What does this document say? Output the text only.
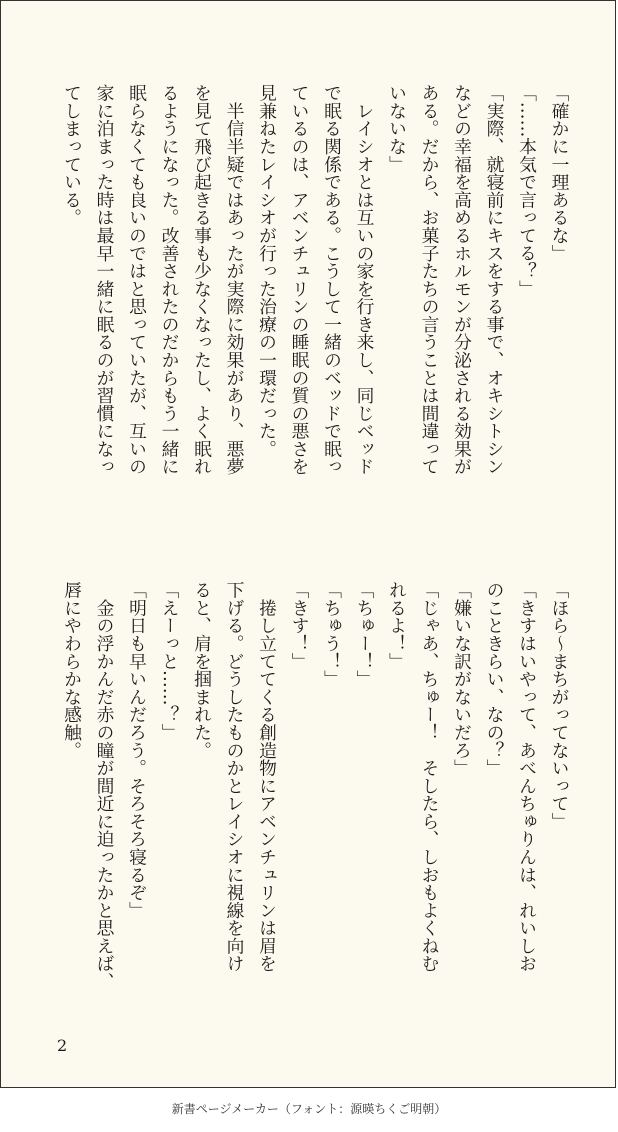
「確かに一理あるな」
「……本気で言ってる？」
「実際、就寝前にキスをする事で、オキシトシン
などの幸福を高めるホルモンが分泌される効果が
ある。だから、お菓子たちの言うことは間違って
いないな」
　レイシオとは互いの家を行き来し、同じベッド
で眠る関係である。こうして一緒のベッドで眠っ
ているのは、アベンチュリンの睡眠の質の悪さを
見兼ねたレイシオが行った治療の一環だった。
　半信半疑ではあったが実際に効果があり、悪夢
を見て飛び起きる事も少なくなったし、よく眠れ
るようになった。改善されたのだからもう一緒に
眠らなくても良いのではと思っていたが、互いの
家に泊まった時は最早一緒に眠るのが習慣になっ
てしまっている。
「ほら～まちがってないって」
「きすはいやって、あべんちゅりんは、れいしお
のこときらい、なの？」
「嫌いな訳がないだろ」
「じゃあ、ちゅー！　そしたら、しおもよくねむ
れるよ！」
「ちゅー！」
「ちゅう！」
「きす！」
　捲し立ててくる創造物にアベンチュリンは眉を
下げる。どうしたものかとレイシオに視線を向け
ると、肩を掴まれた。
「えーっと……？」
「明日も早いんだろう。そろそろ寝るぞ」
　金の浮かんだ赤の瞳が間近に迫ったかと思えば、
唇にやわらかな感触。
2
新書ページメーカー（フォント：源暎ちくご明朝）
